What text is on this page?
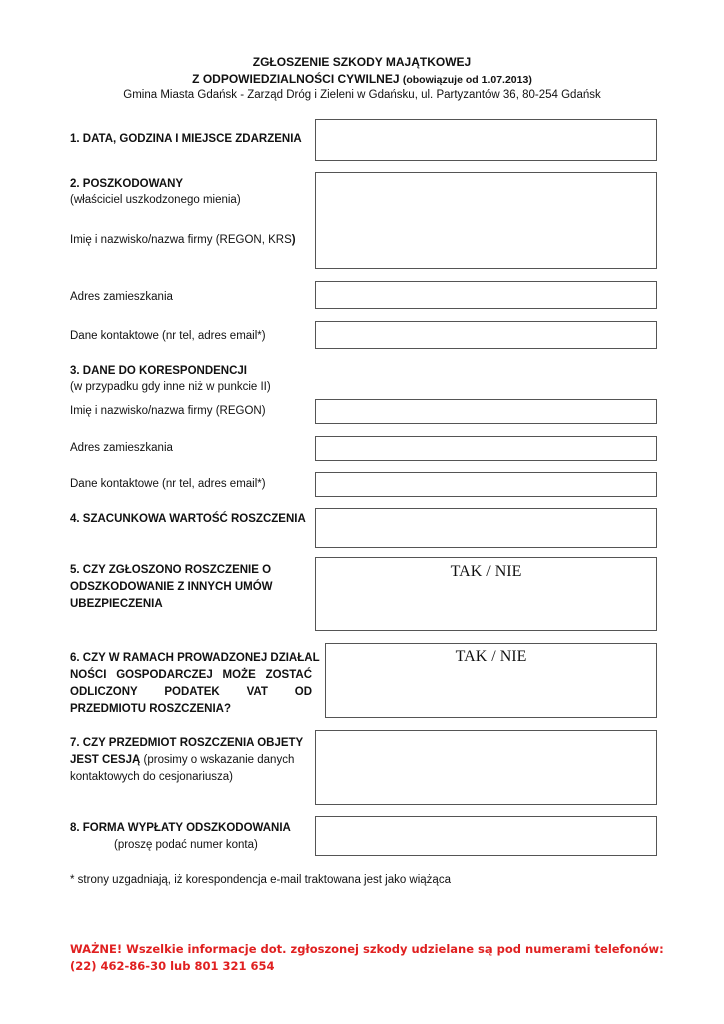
ZGŁOSZENIE SZKODY MAJĄTKOWEJ
Z ODPOWIEDZIALNOŚCI CYWILNEJ (obowiązuje od 1.07.2013)
Gmina Miasta Gdańsk - Zarząd Dróg i Zieleni w Gdańsku, ul. Partyzantów 36, 80-254 Gdańsk
1. DATA, GODZINA I MIEJSCE ZDARZENIA
2. POSZKODOWANY
(właściciel uszkodzonego mienia)
Imię i nazwisko/nazwa firmy (REGON, KRS)
Adres zamieszkania
Dane kontaktowe (nr tel, adres email*)
3. DANE DO KORESPONDENCJI
(w przypadku gdy inne niż w punkcie II)
Imię i nazwisko/nazwa firmy (REGON)
Adres zamieszkania
Dane kontaktowe (nr tel, adres email*)
4. SZACUNKOWA WARTOŚĆ ROSZCZENIA
5. CZY ZGŁOSZONO ROSZCZENIE O
ODSZKODOWANIE Z INNYCH UMÓW
UBEZPIECZENIA
TAK / NIE
6. CZY W RAMACH PROWADZONEJ DZIAŁAL
NOŚCI GOSPODARCZEJ MOŻE ZOSTAĆ
ODLICZONY PODATEK VAT OD
PRZEDMIOTU ROSZCZENIA?
TAK / NIE
7. CZY PRZEDMIOT ROSZCZENIA OBJETY
JEST CESJĄ (prosimy o wskazanie danych
kontaktowych do cesjonariusza)
8. FORMA WYPŁATY ODSZKODOWANIA
(proszę podać numer konta)
* strony uzgadniają, iż korespondencja e-mail traktowana jest jako wiążąca
WAŻNE! Wszelkie informacje dot. zgłoszonej szkody udzielane są pod numerami telefonów:
(22) 462-86-30 lub 801 321 654
